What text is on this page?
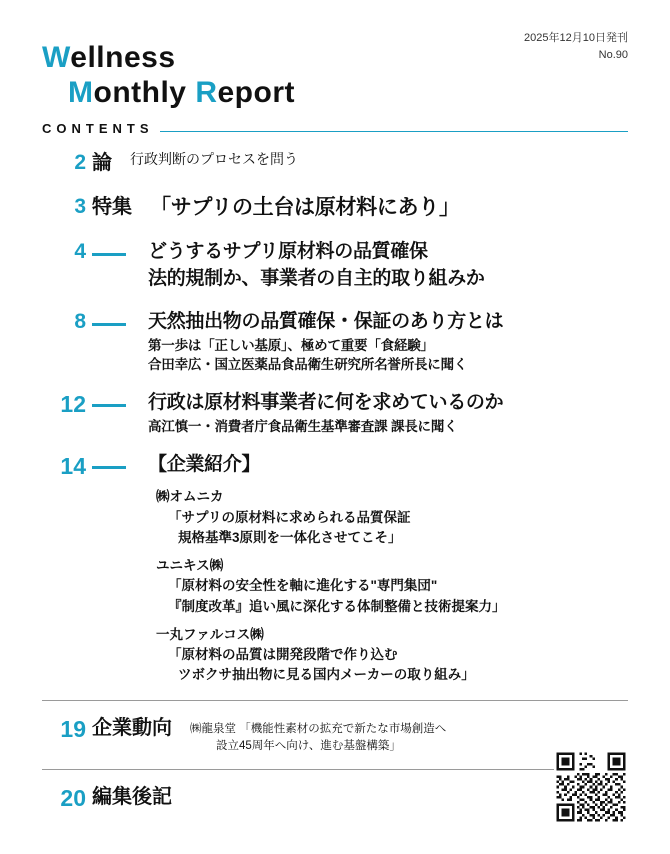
2025年12月10日発刊
No.90
Wellness
Monthly Report
CONTENTS
2 論	行政判断のプロセスを問う
3 特集 「サプリの土台は原材料にあり」
4	どうするサプリ原材料の品質確保
法的規制か、事業者の自主的取り組みか
8	天然抽出物の品質確保・保証のあり方とは
第一歩は「正しい基原」、極めて重要「食経験」
合田幸広・国立医薬品食品衛生研究所名誉所長に聞く
12	行政は原材料事業者に何を求めているのか
高江慎一・消費者庁食品衛生基準審査課 課長に聞く
14	【企業紹介】
㈱オムニカ
「サプリの原材料に求められる品質保証
規格基準3原則を一体化させてこそ」
ユニキス㈱
「原材料の安全性を軸に進化する"専門集団"
『制度改革』追い風に深化する体制整備と技術提案力」
一丸ファルコス㈱
「原材料の品質は開発段階で作り込む
ツボクサ抽出物に見る国内メーカーの取り組み」
19 企業動向	㈱龍泉堂 「機能性素材の拡充で新たな市場創造へ
設立45周年へ向け、進む基盤構築」
20 編集後記
